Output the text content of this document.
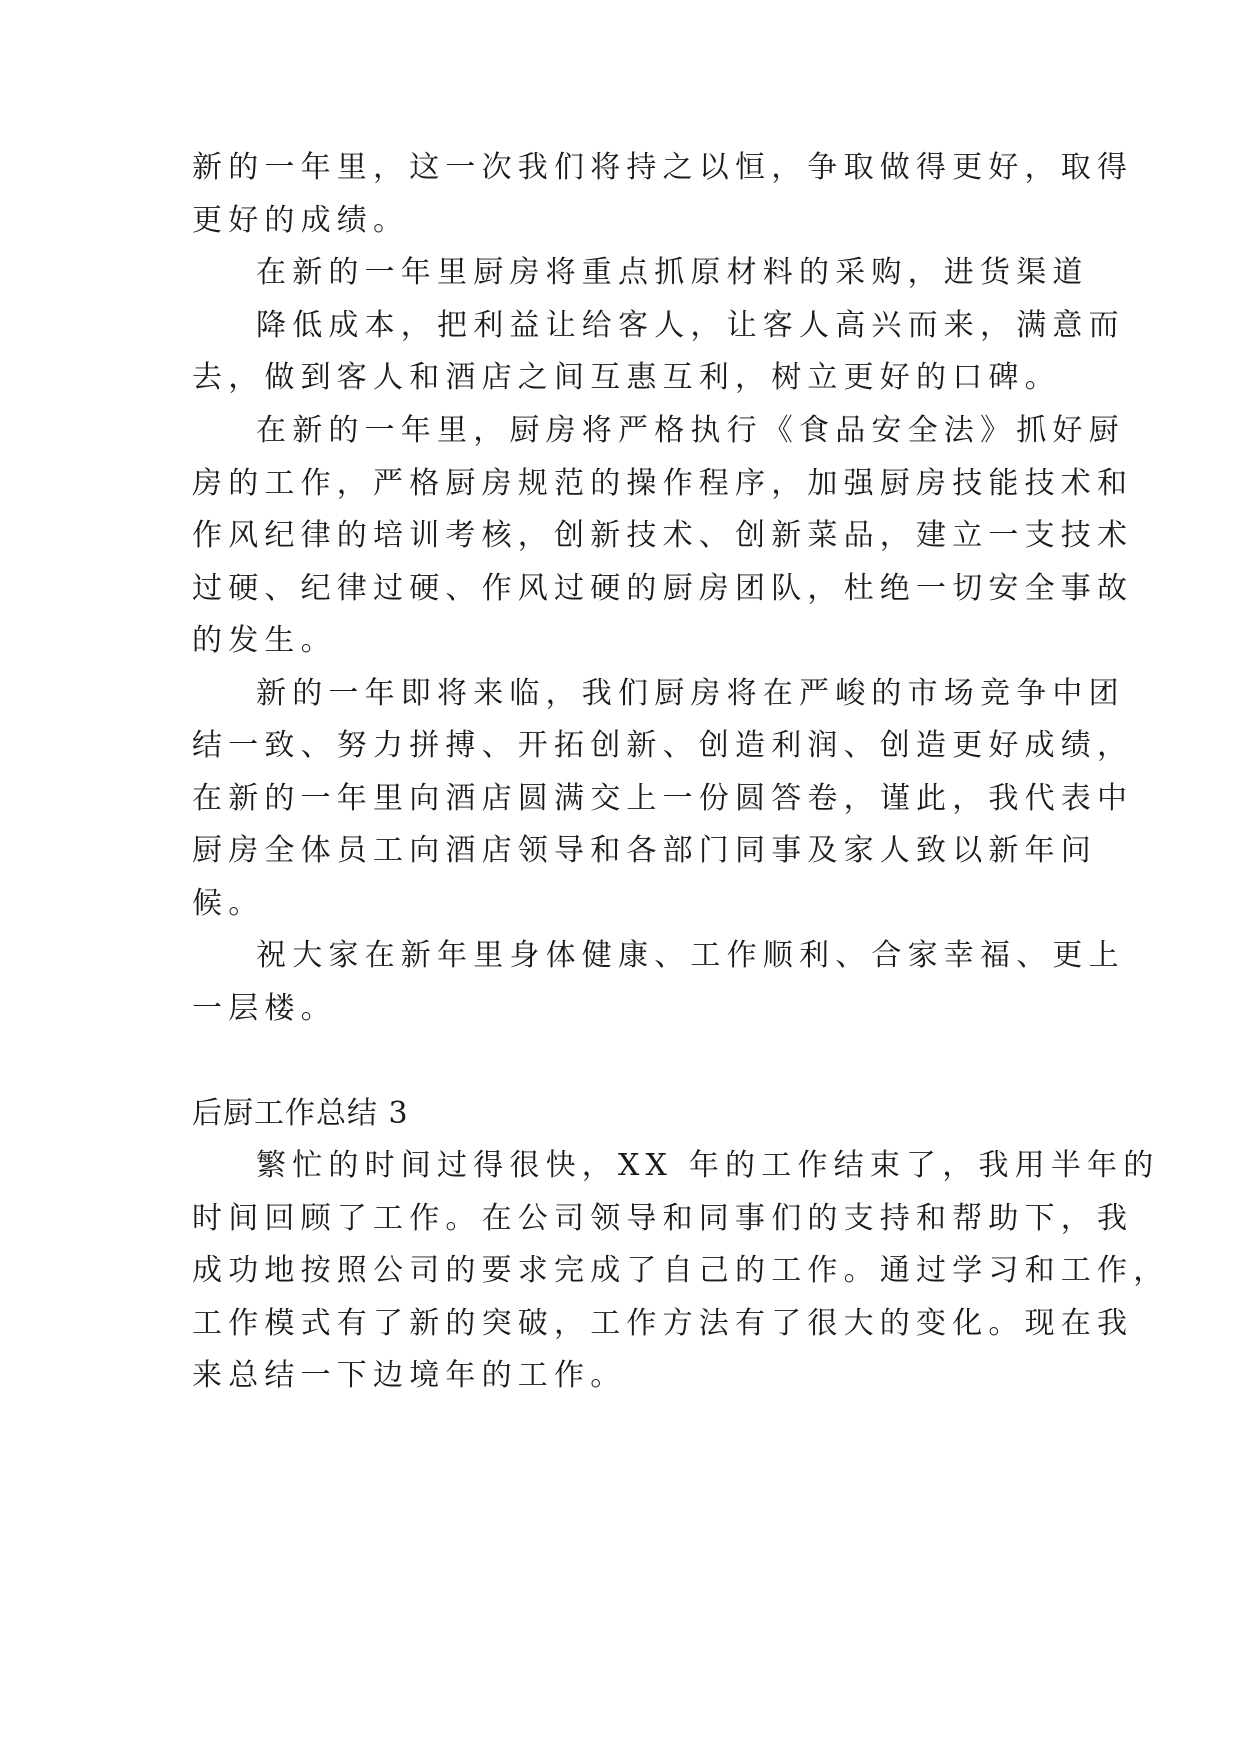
新的一年里，这一次我们将持之以恒，争取做得更好，取得

更好的成绩。

在新的一年里厨房将重点抓原材料的采购，进货渠道

降低成本，把利益让给客人，让客人高兴而来，满意而

去，做到客人和酒店之间互惠互利，树立更好的口碑。

在新的一年里，厨房将严格执行《食品安全法》抓好厨

房的工作，严格厨房规范的操作程序，加强厨房技能技术和

作风纪律的培训考核，创新技术、创新菜品，建立一支技术

过硬、纪律过硬、作风过硬的厨房团队，杜绝一切安全事故

的发生。

新的一年即将来临，我们厨房将在严峻的市场竞争中团

结一致、努力拼搏、开拓创新、创造利润、创造更好成绩，

在新的一年里向酒店圆满交上一份圆答卷，谨此，我代表中

厨房全体员工向酒店领导和各部门同事及家人致以新年问

候。

祝大家在新年里身体健康、工作顺利、合家幸福、更上

一层楼。

后厨工作总结 3

繁忙的时间过得很快，XX 年的工作结束了，我用半年的

时间回顾了工作。在公司领导和同事们的支持和帮助下，我

成功地按照公司的要求完成了自己的工作。通过学习和工作，

工作模式有了新的突破，工作方法有了很大的变化。现在我

来总结一下边境年的工作。
